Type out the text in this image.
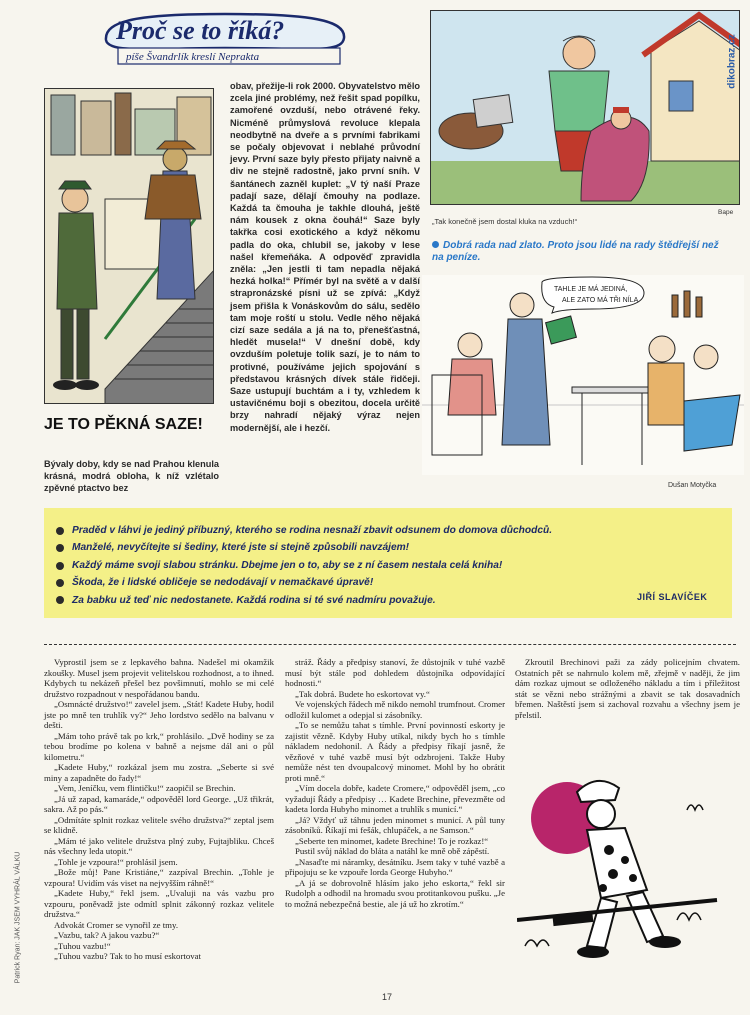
Proč se to říká?
píše Švandrlík kreslí Neprakta
JE TO PĚKNÁ SAZE!
Bývaly doby, kdy se nad Prahou klenula krásná, modrá obloha, k níž vzlétalo zpěvné ptactvo bez
obav, přežije-li rok 2000. Obyvatelstvo mělo zcela jiné problémy, než řešit spad popílku, zamořené ovzduší, nebo otrávené řeky. Nicméně průmyslová revoluce klepala neodbytně na dveře a s prvními fabrikami se počaly objevovat i neblahé průvodní jevy. První saze byly přesto přijaty naivně a div ne stejně radostně, jako první sníh. V šantánech zazněl kuplet: „V tý naší Praze padají saze, dělají čmouhy na podlaze. Každá ta čmouha je takhle dlouhá, ještě nám kousek z okna čouhá!“ Saze byly takřka cosi exotického a když někomu padla do oka, chlubil se, jakoby v lese našel křemeňáka. A odpověď zpravidla zněla: „Jen jestli ti tam nepadla nějaká hezká holka!“ Přímér byl na světě a v další strapronázské písni už se zpívá: „Když jsem přišla k Vonáskovům do sálu, sedělo tam moje roští u stolu. Vedle něho nějaká cizí saze sedála a já na to, přenešťastná, hledět musela!“ V dnešní době, kdy ovzduším poletuje tolik sazí, je to nám to protivné, používáme jejich spojování s představou krásných dívek stále řidčeji. Saze ustupují buchtám a i ty, vzhledem k ustavičnému boji s obezitou, docela určitě brzy nahradí nějaký výraz nejen modernější, ale i hezčí.
dikobraz.cz
Bape
„Tak konečně jsem dostal kluka na vzduch!“
Dobrá rada nad zlato. Proto jsou lidé na rady štědřejší než na peníze.
TAHLE JE MÁ JEDINÁ,
ALE ZATO MÁ TŘI NÍLA
Dušan Motyčka
Praděd v láhvi je jediný příbuzný, kterého se rodina nesnaží zbavit odsunem do domova důchodců.
Manželé, nevyčítejte si šediny, které jste si stejně způsobili navzájem!
Každý máme svoji slabou stránku. Dbejme jen o to, aby se z ní časem nestala celá kniha!
Škoda, že i lidské obličeje se nedodávají v nemačkavé úpravě!
Za babku už teď nic nedostanete. Každá rodina si té své nadmíru považuje.	JIŘÍ SLAVÍČEK

Vyprostil jsem se z lepkavého bahna. Nadešel mi okamžik zkoušky. Musel jsem projevit velitelskou rozhodnost, a to ihned. Kdybych tu nekázeň přešel bez povšimnutí, mohlo se mi celé družstvo rozpadnout v nespořádanou bandu.

„Osmnácté družstvo!“ zavelel jsem. „Stát! Kadete Huby, hodil jste po mně ten truhlík vy?“ Jeho lordstvo sedělo na balvanu v dešti.

„Mám toho právě tak po krk,“ prohlásilo. „Dvě hodiny se za tebou brodíme po kolena v bahně a nejsme dál ani o půl kilometru.“

„Kadete Huby,“ rozkázal jsem mu zostra. „Seberte si své miny a zapadněte do řady!“

„Vem, Jeníčku, vem flintičku!“ zaopičil se Brechin.

„Já už zapad, kamaráde,“ odpověděl lord George. „Už třikrát, sakra. Až po pás.“

„Odmítáte splnit rozkaz velitele svého družstva?“ zeptal jsem se klidně.

„Mám té jako velitele družstva plný zuby, Fujtajbliku. Chceš nás všechny leda utopit.“

„Tohle je vzpoura!“ prohlásil jsem.

„Bože můj! Pane Kristiáne,“ zazpíval Brechin. „Tohle je vzpoura! Uvidím vás viset na nejvyšším ráhně!“

„Kadete Huby,“ řekl jsem. „Uvaluji na vás vazbu pro vzpouru, poněvadž jste odmítl splnit zákonný rozkaz velitele družstva.“

Advokát Cromer se vynořil ze tmy.

„Vazbu, tak? A jakou vazbu?“

„Tuhou vazbu!“

„Tuhou vazbu? Tak to ho musí eskortovat

stráž. Řády a předpisy stanoví, že důstojník v tuhé vazbě musí být stále pod dohledem důstojníka odpovídající hodnosti.“

„Tak dobrá. Budete ho eskortovat vy.“

Ve vojenských řádech mě nikdo nemohl trumfnout. Cromer odložil kulomet a odepjal si zásobníky.

„To se nemůžu tahat s tímhle. První povinností eskorty je zajistit vězně. Kdyby Huby utíkal, nikdy bych ho s tímhle nákladem nedohonil. A Řády a předpisy říkají jasně, že vězňové v tuhé vazbě musí být odzbrojeni. Takže Huby nemůže nést ten dvoupalcový minomet. Mohl by ho obrátit proti mně.“

„Vím docela dobře, kadete Cromere,“ odpověděl jsem, „co vyžadují Řády a předpisy … Kadete Brechine, převezměte od kadeta lorda Hubyho minomet a truhlík s municí.“

„Já? Vždyť už táhnu jeden minomet s municí. A půl tuny zásobníků. Říkají mi fešák, chlupáček, a ne Samson.“

„Seberte ten minomet, kadete Brechine! To je rozkaz!“

Pustil svůj náklad do bláta a natáhl ke mně obě zápěstí.

„Nasaďte mi náramky, desátníku. Jsem taky v tuhé vazbě a připojuju se ke vzpouře lorda George Hubyho.“

„A já se dobrovolně hlásím jako jeho eskorta,“ řekl sir Rudolph a odhodil na hromadu svou protitankovou pušku. „Je to možná nebezpečná bestie, ale já už ho zkrotím.“

Zkroutil Brechinovi paži za zády policejním chvatem. Ostatních pět se nahrnulo kolem mě, zřejmě v naději, že jim dám rozkaz ujmout se odloženého nákladu a tím i příležitost stát se vězni nebo strážnými a zbavit se tak dosavadních břemen. Naštěstí jsem si zachoval rozvahu a všechny jsem je přelstil.

Patrick Ryan: JAK JSEM VYHRÁL VÁLKU
17
